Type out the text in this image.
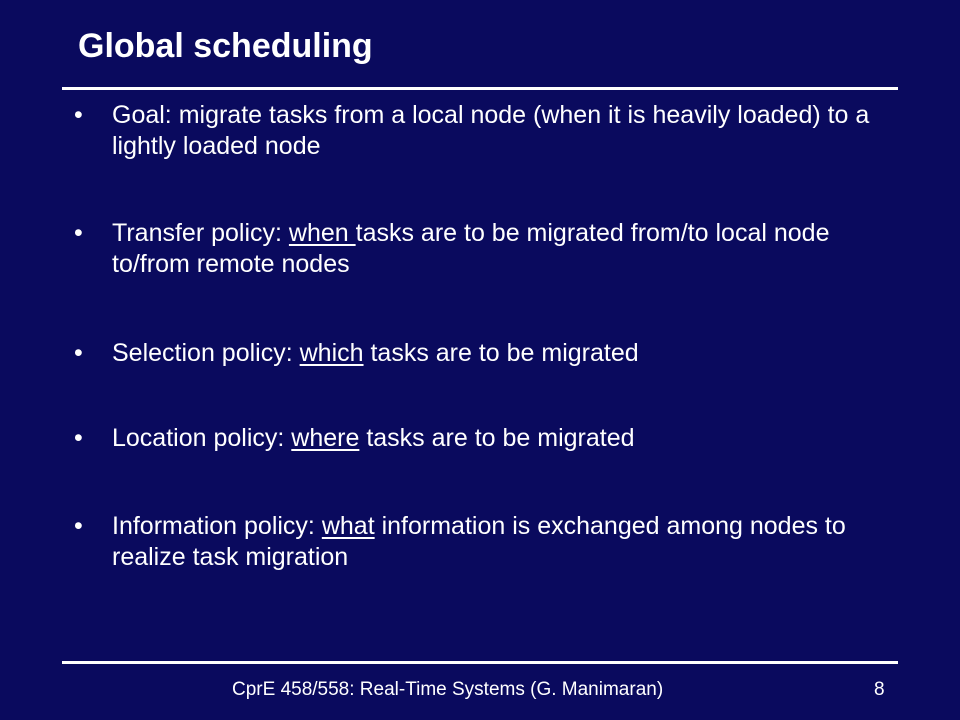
Global scheduling
• Goal: migrate tasks from a local node (when it is heavily loaded) to a lightly loaded node
• Transfer policy: when tasks are to be migrated from/to local node to/from remote nodes
• Selection policy: which tasks are to be migrated
• Location policy: where tasks are to be migrated
• Information policy: what information is exchanged among nodes to realize task migration
CprE 458/558: Real-Time Systems (G. Manimaran)	8
